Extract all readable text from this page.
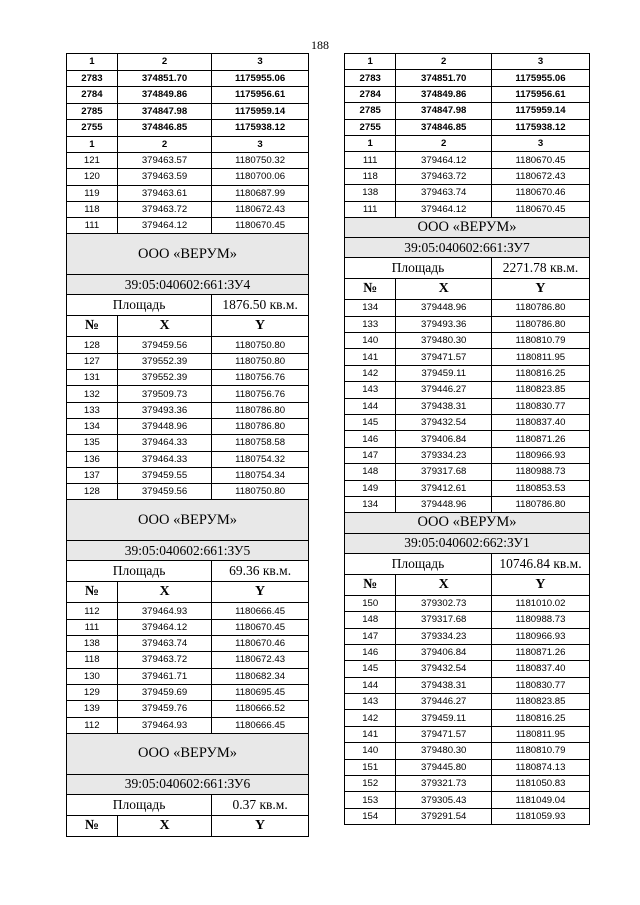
188
1	2	3
2783	374851.70	1175955.06
2784	374849.86	1175956.61
2785	374847.98	1175959.14
2755	374846.85	1175938.12
1	2	3
121	379463.57	1180750.32
120	379463.59	1180700.06
119	379463.61	1180687.99
118	379463.72	1180672.43
111	379464.12	1180670.45
ООО «ВЕРУМ»		
39:05:040602:661:ЗУ4		
Площадь		1876.50 кв.м.
№	X	Y
128	379459.56	1180750.80
127	379552.39	1180750.80
131	379552.39	1180756.76
132	379509.73	1180756.76
133	379493.36	1180786.80
134	379448.96	1180786.80
135	379464.33	1180758.58
136	379464.33	1180754.32
137	379459.55	1180754.34
128	379459.56	1180750.80
ООО «ВЕРУМ»		
39:05:040602:661:ЗУ5		
Площадь		69.36 кв.м.
№	X	Y
112	379464.93	1180666.45
111	379464.12	1180670.45
138	379463.74	1180670.46
118	379463.72	1180672.43
130	379461.71	1180682.34
129	379459.69	1180695.45
139	379459.76	1180666.52
112	379464.93	1180666.45
ООО «ВЕРУМ»		
39:05:040602:661:ЗУ6		
Площадь		0.37 кв.м.
№	X	Y
1	2	3
2783	374851.70	1175955.06
2784	374849.86	1175956.61
2785	374847.98	1175959.14
2755	374846.85	1175938.12
1	2	3
111	379464.12	1180670.45
118	379463.72	1180672.43
138	379463.74	1180670.46
111	379464.12	1180670.45
ООО «ВЕРУМ»		
39:05:040602:661:ЗУ7		
Площадь		2271.78 кв.м.
№	X	Y
134	379448.96	1180786.80
133	379493.36	1180786.80
140	379480.30	1180810.79
141	379471.57	1180811.95
142	379459.11	1180816.25
143	379446.27	1180823.85
144	379438.31	1180830.77
145	379432.54	1180837.40
146	379406.84	1180871.26
147	379334.23	1180966.93
148	379317.68	1180988.73
149	379412.61	1180853.53
134	379448.96	1180786.80
ООО «ВЕРУМ»		
39:05:040602:662:ЗУ1		
Площадь		10746.84 кв.м.
№	X	Y
150	379302.73	1181010.02
148	379317.68	1180988.73
147	379334.23	1180966.93
146	379406.84	1180871.26
145	379432.54	1180837.40
144	379438.31	1180830.77
143	379446.27	1180823.85
142	379459.11	1180816.25
141	379471.57	1180811.95
140	379480.30	1180810.79
151	379445.80	1180874.13
152	379321.73	1181050.83
153	379305.43	1181049.04
154	379291.54	1181059.93
